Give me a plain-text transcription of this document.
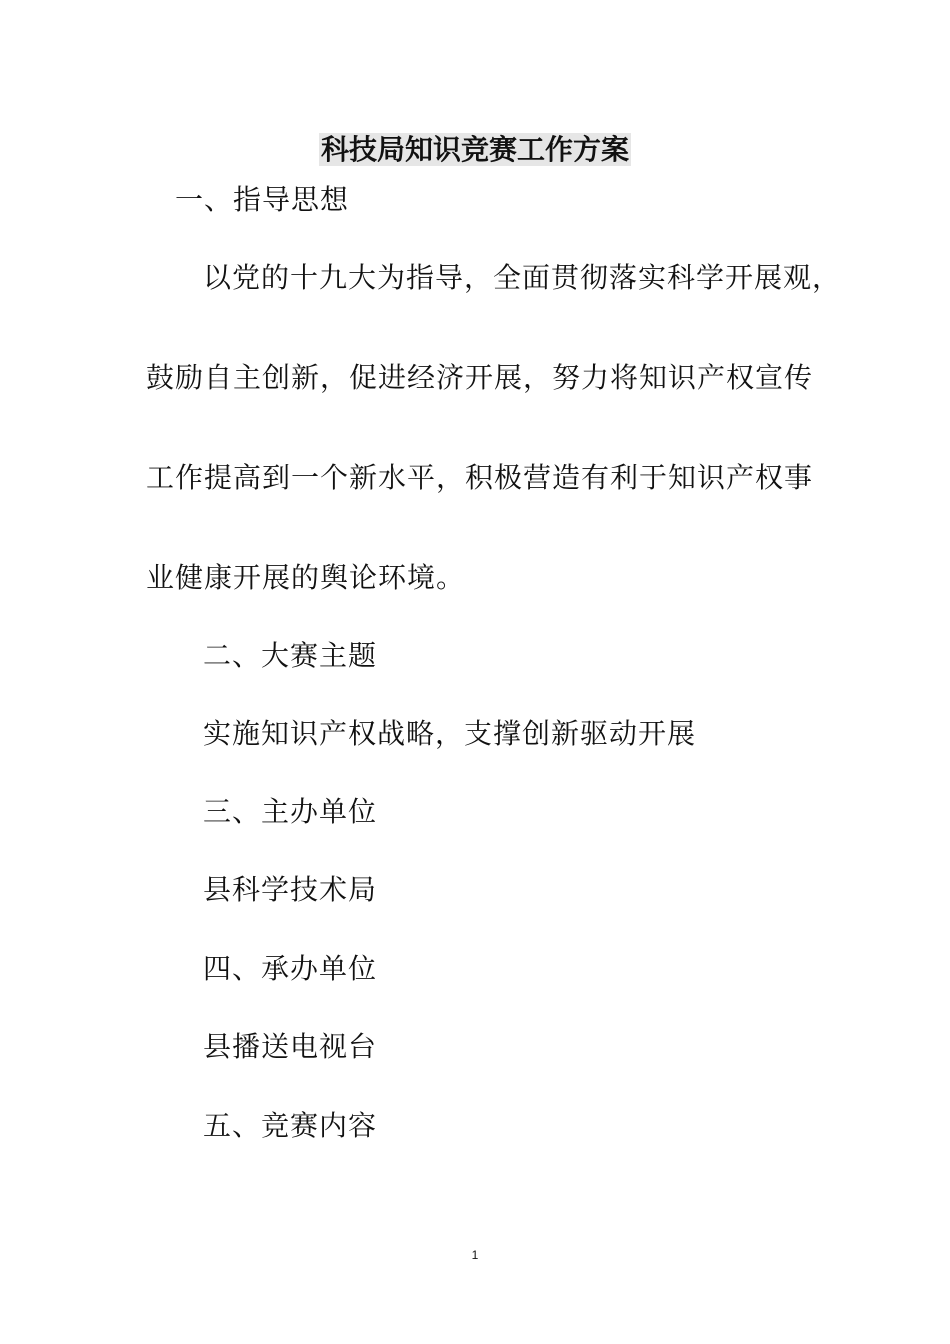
科技局知识竞赛工作方案
一、指导思想
以党的十九大为指导，全面贯彻落实科学开展观，
鼓励自主创新，促进经济开展，努力将知识产权宣传
工作提高到一个新水平，积极营造有利于知识产权事
业健康开展的舆论环境。
二、大赛主题
实施知识产权战略，支撑创新驱动开展
三、主办单位
县科学技术局
四、承办单位
县播送电视台
五、竞赛内容
1
